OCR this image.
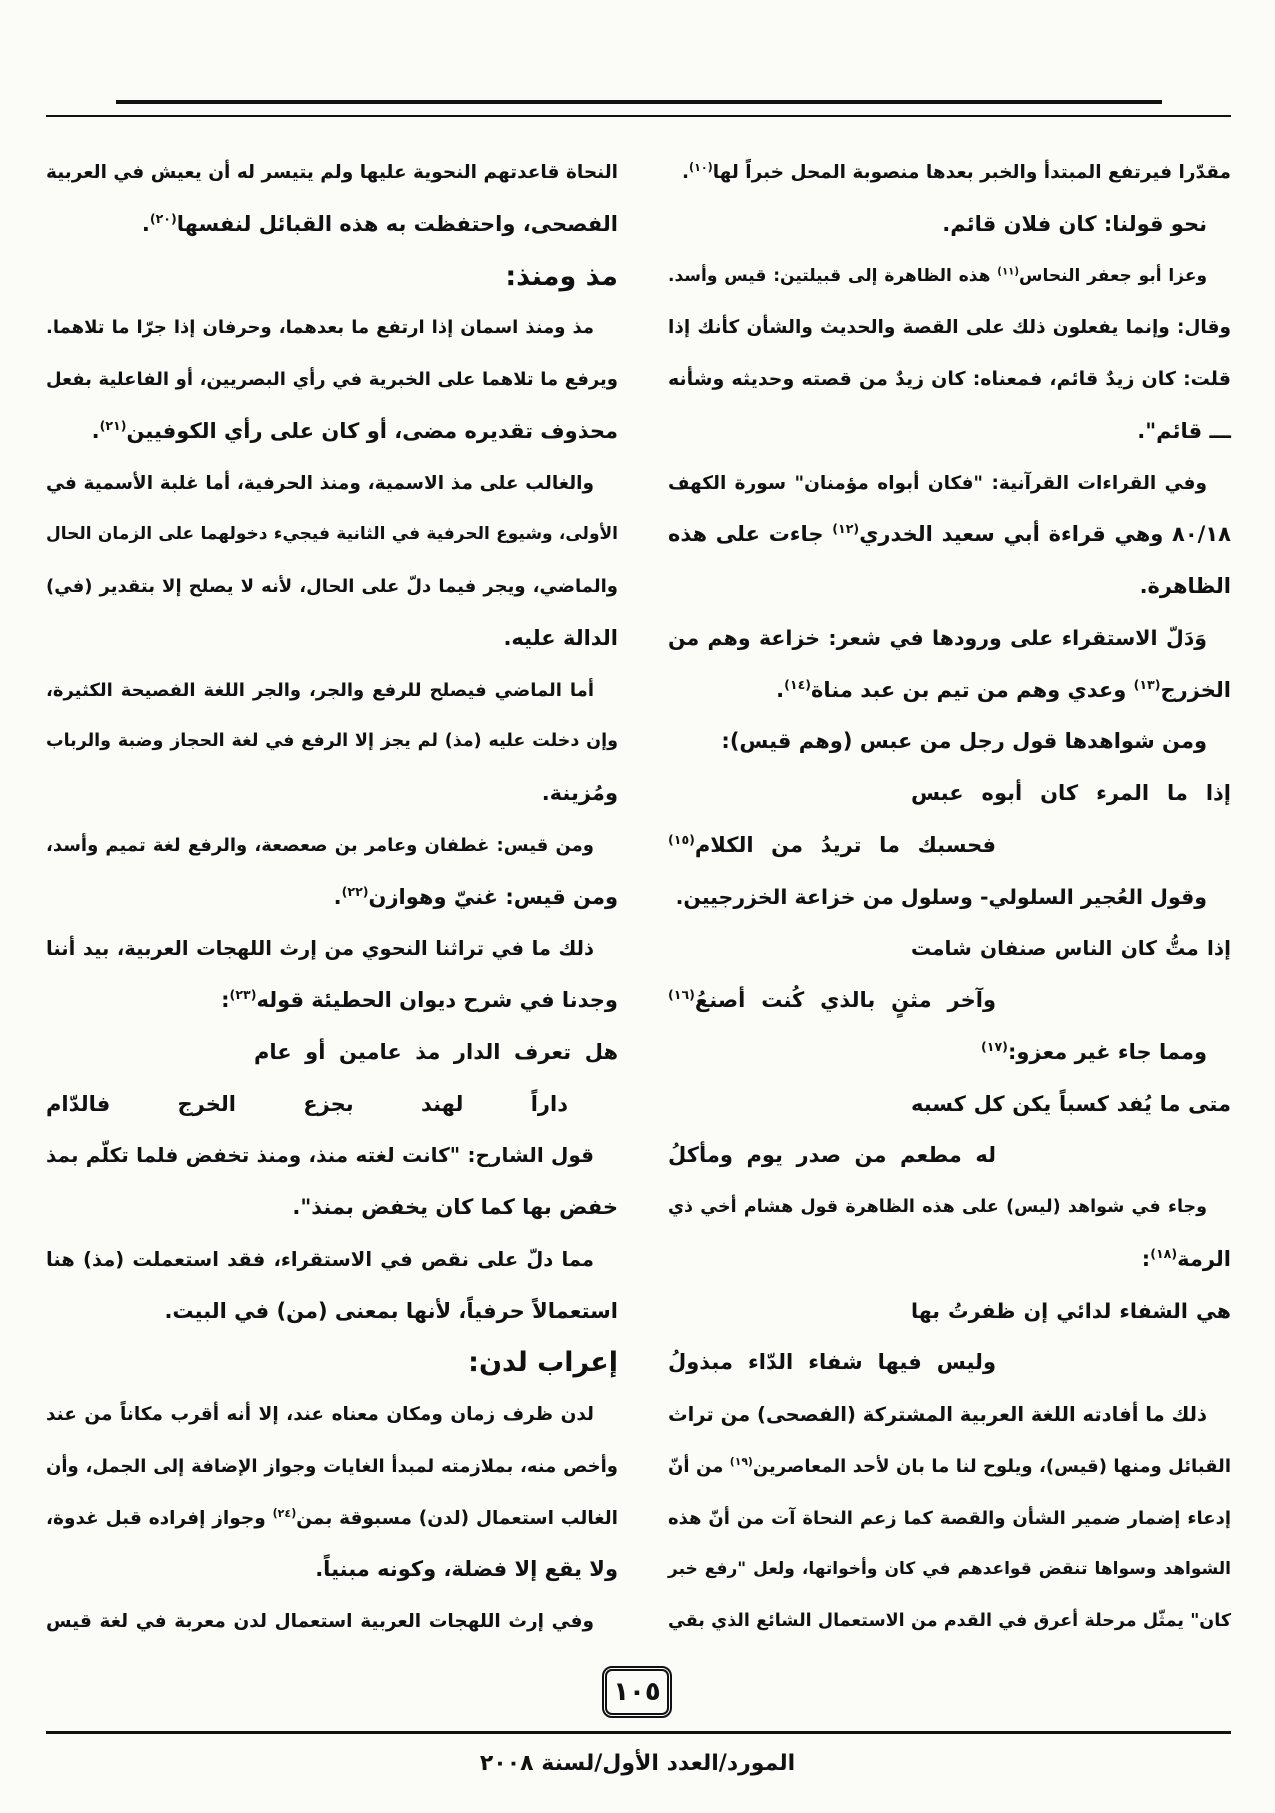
مقدّرا فيرتفع المبتدأ والخبر بعدها منصوبة المحل خبراً لها$^{(١٠)}$.
نحو قولنا: كان فلان قائم.
وعزا أبو جعفر النحاس$^{(١١)}$ هذه الظاهرة إلى قبيلتين: قيس وأسد.
وقال: وإنما يفعلون ذلك على القصة والحديث والشأن كأنك إذا
قلت: كان زيدٌ قائم، فمعناه: كان زيدٌ من قصته وحديثه وشأنه
ـــ قائم".
وفي القراءات القرآنية: "فكان أبواه مؤمنان" سورة الكهف
٨٠/١٨ وهي قراءة أبي سعيد الخدري$^{(١٢)}$ جاءت على هذه
الظاهرة.
وَدَلّ الاستقراء على ورودها في شعر: خزاعة وهم من
الخزرج$^{(١٣)}$ وعدي وهم من تيم بن عبد مناة$^{(١٤)}$.
ومن شواهدها قول رجل من عبس (وهم قيس):
إذا ما المرء كان أبوه عبس
فحسبك ما تريدُ من الكلام$^{(١٥)}$
وقول العُجير السلولي- وسلول من خزاعة الخزرجيين.
إذا متُّ كان الناس صنفان شامت
وآخر مثنٍ بالذي كُنت أصنعُ$^{(١٦)}$
ومما جاء غير معزو:$^{(١٧)}$
متى ما يُفد كسباً يكن كل كسبه
له مطعم من صدر يوم ومأكلُ
وجاء في شواهد (ليس) على هذه الظاهرة قول هشام أخي ذي
الرمة$^{(١٨)}$:
هي الشفاء لدائي إن ظفرتُ بها
وليس فيها شفاء الدّاء مبذولُ
ذلك ما أفادته اللغة العربية المشتركة (الفصحى) من تراث
القبائل ومنها (قيس)، ويلوح لنا ما بان لأحد المعاصرين$^{(١٩)}$ من أنّ
إدعاء إضمار ضمير الشأن والقصة كما زعم النحاة آت من أنّ هذه
الشواهد وسواها تنقض قواعدهم في كان وأخواتها، ولعل "رفع خبر
كان" يمثّل مرحلة أعرق في القدم من الاستعمال الشائع الذي بقي
النحاة قاعدتهم النحوية عليها ولم يتيسر له أن يعيش في العربية
الفصحى، واحتفظت به هذه القبائل لنفسها$^{(٢٠)}$.
مذ ومنذ:
مذ ومنذ اسمان إذا ارتفع ما بعدهما، وحرفان إذا جرّا ما تلاهما.
ويرفع ما تلاهما على الخبرية في رأي البصريين، أو الفاعلية بفعل
محذوف تقديره مضى، أو كان على رأي الكوفيين$^{(٢١)}$.
والغالب على مذ الاسمية، ومنذ الحرفية، أما غلبة الأسمية في
الأولى، وشيوع الحرفية في الثانية فيجيء دخولهما على الزمان الحال
والماضي، ويجر فيما دلّ على الحال، لأنه لا يصلح إلا بتقدير (في)
الدالة عليه.
أما الماضي فيصلح للرفع والجر، والجر اللغة الفصيحة الكثيرة،
وإن دخلت عليه (مذ) لم يجز إلا الرفع في لغة الحجاز وضبة والرباب
ومُزينة.
ومن قيس: غطفان وعامر بن صعصعة، والرفع لغة تميم وأسد،
ومن قيس: غنيّ وهوازن$^{(٢٢)}$.
ذلك ما في تراثنا النحوي من إرث اللهجات العربية، بيد أننا
وجدنا في شرح ديوان الحطيئة قوله$^{(٢٣)}$:
هل تعرف الدار مذ عامين أو عام
داراً لهند بجزع الخرج فالدّام
قول الشارح: "كانت لغته منذ، ومنذ تخفض فلما تكلّم بمذ
خفض بها كما كان يخفض بمنذ".
مما دلّ على نقص في الاستقراء، فقد استعملت (مذ) هنا
استعمالاً حرفياً، لأنها بمعنى (من) في البيت.
إعراب لدن:
لدن ظرف زمان ومكان معناه عند، إلا أنه أقرب مكاناً من عند
وأخص منه، بملازمته لمبدأ الغايات وجواز الإضافة إلى الجمل، وأن
الغالب استعمال (لدن) مسبوقة بمن$^{(٢٤)}$ وجواز إفراده قبل غدوة،
ولا يقع إلا فضلة، وكونه مبنياً.
وفي إرث اللهجات العربية استعمال لدن معربة في لغة قيس
١٠٥
المورد/العدد الأول/لسنة ٢٠٠٨
